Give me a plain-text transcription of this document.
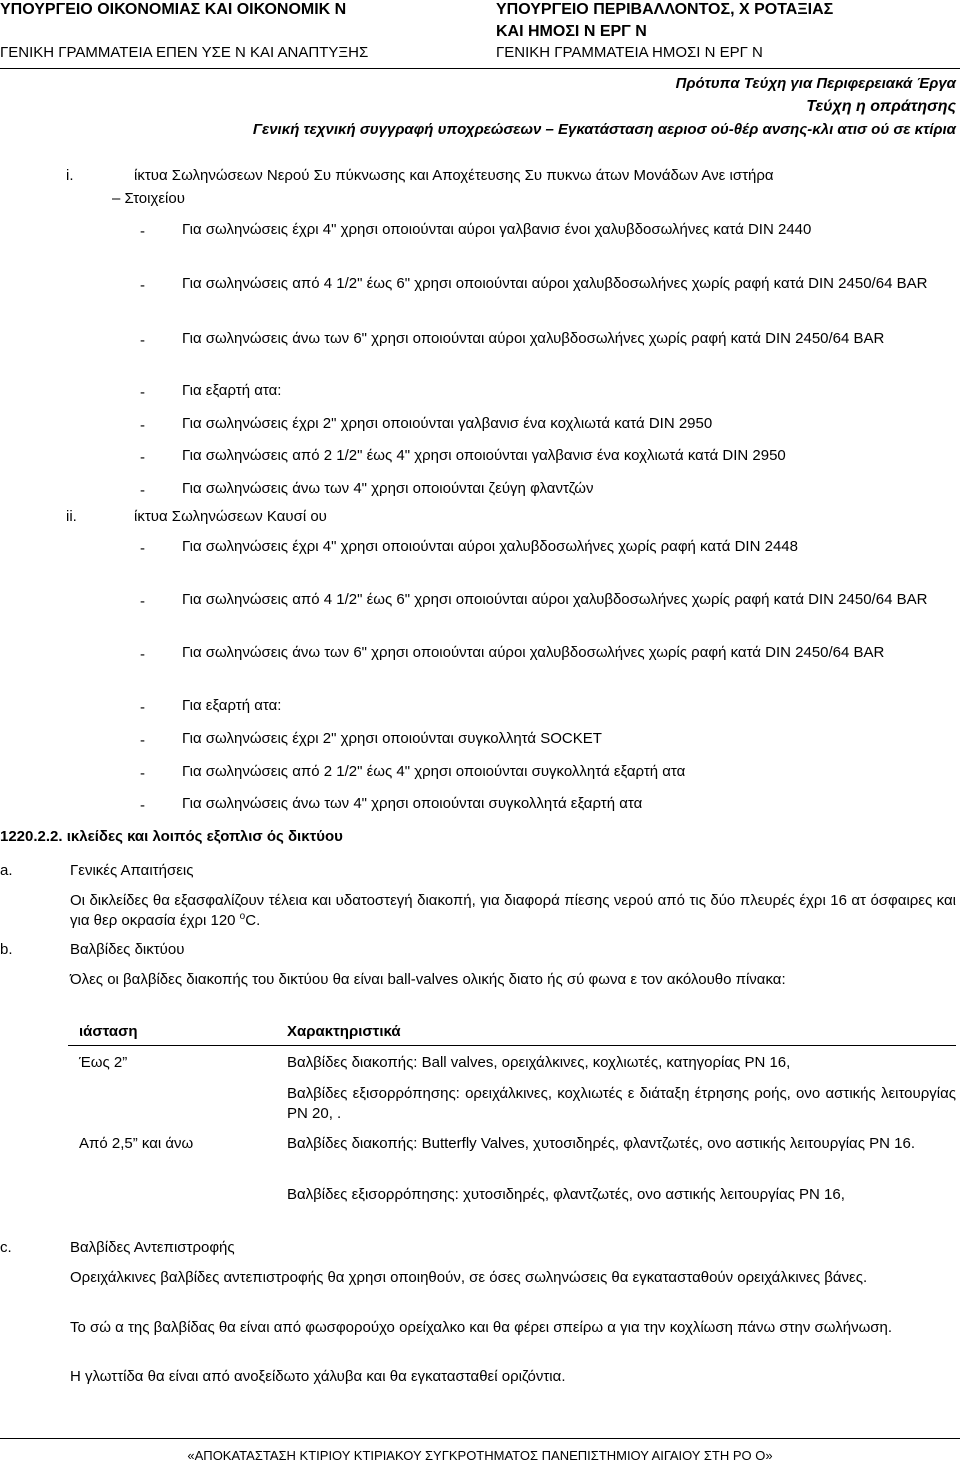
ΥΠΟΥΡΓΕΙΟ ΟΙΚΟΝΟΜΙΑΣ ΚΑΙ ΟΙΚΟΝΟΜΙΚ Ν
ΓΕΝΙΚΗ ΓΡΑΜΜΑΤΕΙΑ ΕΠΕΝ ΥΣΕ Ν ΚΑΙ ΑΝΑΠΤΥΞΗΣ
ΥΠΟΥΡΓΕΙΟ ΠΕΡΙΒΑΛΛΟΝΤΟΣ, Χ ΡΟΤΑΞΙΑΣ
ΚΑΙ ΗΜΟΣΙ Ν ΕΡΓ Ν
ΓΕΝΙΚΗ ΓΡΑΜΜΑΤΕΙΑ ΗΜΟΣΙ Ν ΕΡΓ Ν
Πρότυπα Τεύχη για Περιφερειακά Έργα
Τεύχη η οπράτησης
Γενική τεχνική συγγραφή υποχρεώσεων – Εγκατάσταση αεριοσ ού-θέρ ανσης-κλι ατισ ού σε κτίρια
i.	ίκτυα Σωληνώσεων Νερού Συ πύκνωσης και Αποχέτευσης Συ πυκνω άτων Μονάδων Ανε ιστήρα
– Στοιχείου
- Για σωληνώσεις έχρι 4" χρησι οποιούνται αύροι γαλβανισ ένοι χαλυβδοσωλήνες κατά DIN 2440
- Για σωληνώσεις από 4 1/2" έως 6" χρησι οποιούνται αύροι χαλυβδοσωλήνες χωρίς ραφή κατά DIN 2450/64 BAR
- Για σωληνώσεις άνω των 6" χρησι οποιούνται αύροι χαλυβδοσωλήνες χωρίς ραφή κατά DIN 2450/64 BAR
- Για εξαρτή ατα:
- Για σωληνώσεις έχρι 2" χρησι οποιούνται γαλβανισ ένα κοχλιωτά κατά DIN 2950
- Για σωληνώσεις από 2 1/2" έως 4" χρησι οποιούνται γαλβανισ ένα κοχλιωτά κατά DIN 2950
- Για σωληνώσεις άνω των 4" χρησι οποιούνται ζεύγη φλαντζών
ii.	ίκτυα Σωληνώσεων Καυσί ου
- Για σωληνώσεις έχρι 4" χρησι οποιούνται αύροι χαλυβδοσωλήνες χωρίς ραφή κατά DIN 2448
- Για σωληνώσεις από 4 1/2" έως 6" χρησι οποιούνται αύροι χαλυβδοσωλήνες χωρίς ραφή κατά DIN 2450/64 BAR
- Για σωληνώσεις άνω των 6" χρησι οποιούνται αύροι χαλυβδοσωλήνες χωρίς ραφή κατά DIN 2450/64 BAR
- Για εξαρτή ατα:
- Για σωληνώσεις έχρι 2" χρησι οποιούνται συγκολλητά SOCKET
- Για σωληνώσεις από 2 1/2" έως 4" χρησι οποιούνται συγκολλητά εξαρτή ατα
- Για σωληνώσεις άνω των 4" χρησι οποιούνται συγκολλητά εξαρτή ατα
1220.2.2. ικλείδες και λοιπός εξοπλισ ός δικτύου
a.	Γενικές Απαιτήσεις
Οι δικλείδες θα εξασφαλίζουν τέλεια και υδατοστεγή διακοπή, για διαφορά πίεσης νερού από τις δύο πλευρές έχρι 16 ατ όσφαιρες και για θερ οκρασία έχρι 120 $^o$C.
b.	Βαλβίδες δικτύου
Όλες οι βαλβίδες διακοπής του δικτύου θα είναι ball-valves ολικής διατο ής σύ φωνα ε τον ακόλουθο πίνακα:
ιάσταση	Χαρακτηριστικά
Έως 2”	Βαλβίδες διακοπής: Ball valves, ορειχάλκινες, κοχλιωτές, κατηγορίας PN 16,
Βαλβίδες εξισορρόπησης: ορειχάλκινες, κοχλιωτές ε διάταξη έτρησης ροής, ονο αστικής λειτουργίας PN 20, .
Από 2,5” και άνω	Βαλβίδες διακοπής: Butterfly Valves, χυτοσιδηρές, φλαντζωτές, ονο αστικής λειτουργίας PN 16.
Βαλβίδες εξισορρόπησης: χυτοσιδηρές, φλαντζωτές, ονο αστικής λειτουργίας PN 16,
c.	Βαλβίδες Αντεπιστροφής
Ορειχάλκινες βαλβίδες αντεπιστροφής θα χρησι οποιηθούν, σε όσες σωληνώσεις θα εγκατασταθούν ορειχάλκινες βάνες.
Το σώ α της βαλβίδας θα είναι από φωσφορούχο ορείχαλκο και θα φέρει σπείρω α για την κοχλίωση πάνω στην σωλήνωση.
Η γλωττίδα θα είναι από ανοξείδωτο χάλυβα και θα εγκατασταθεί οριζόντια.
«ΑΠΟΚΑΤΑΣΤΑΣΗ ΚΤΙΡΙΟΥ ΚΤΙΡΙΑΚΟΥ ΣΥΓΚΡΟΤΗΜΑΤΟΣ ΠΑΝΕΠΙΣΤΗΜΙΟΥ ΑΙΓΑΙΟΥ ΣΤΗ ΡΟ Ο»
